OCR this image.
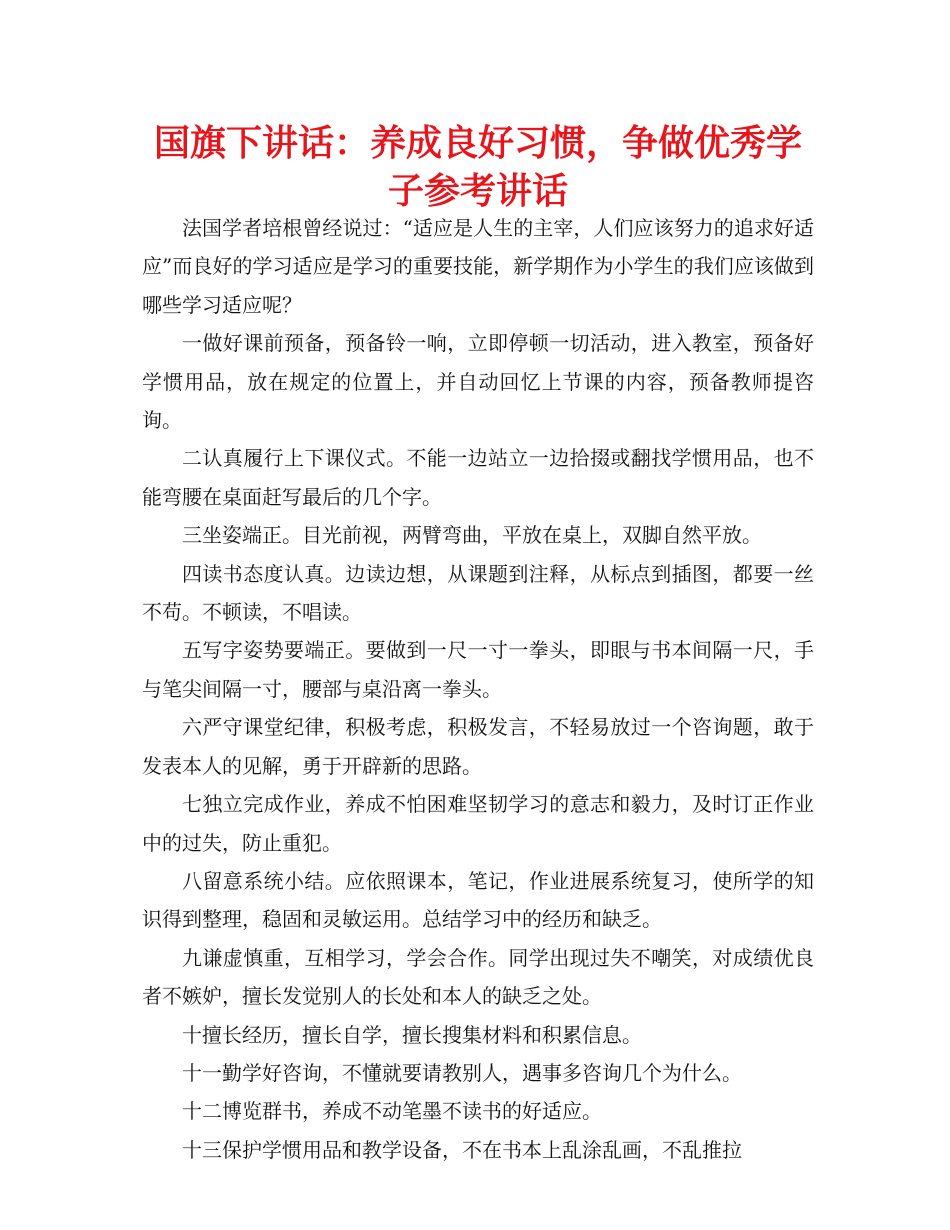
国旗下讲话：养成良好习惯，争做优秀学子参考讲话

法国学者培根曾经说过：“适应是人生的主宰，人们应该努力的追求好适应”而良好的学习适应是学习的重要技能，新学期作为小学生的我们应该做到哪些学习适应呢？

一做好课前预备，预备铃一响，立即停顿一切活动，进入教室，预备好学惯用品，放在规定的位置上，并自动回忆上节课的内容，预备教师提咨询。

二认真履行上下课仪式。不能一边站立一边拾掇或翻找学惯用品，也不能弯腰在桌面赶写最后的几个字。

三坐姿端正。目光前视，两臂弯曲，平放在桌上，双脚自然平放。

四读书态度认真。边读边想，从课题到注释，从标点到插图，都要一丝不苟。不顿读，不唱读。

五写字姿势要端正。要做到一尺一寸一拳头，即眼与书本间隔一尺，手与笔尖间隔一寸，腰部与桌沿离一拳头。

六严守课堂纪律，积极考虑，积极发言，不轻易放过一个咨询题，敢于发表本人的见解，勇于开辟新的思路。

七独立完成作业，养成不怕困难坚韧学习的意志和毅力，及时订正作业中的过失，防止重犯。

八留意系统小结。应依照课本，笔记，作业进展系统复习，使所学的知识得到整理，稳固和灵敏运用。总结学习中的经历和缺乏。

九谦虚慎重，互相学习，学会合作。同学出现过失不嘲笑，对成绩优良者不嫉妒，擅长发觉别人的长处和本人的缺乏之处。

十擅长经历，擅长自学，擅长搜集材料和积累信息。

十一勤学好咨询，不懂就要请教别人，遇事多咨询几个为什么。

十二博览群书，养成不动笔墨不读书的好适应。

十三保护学惯用品和教学设备，不在书本上乱涂乱画，不乱推拉
